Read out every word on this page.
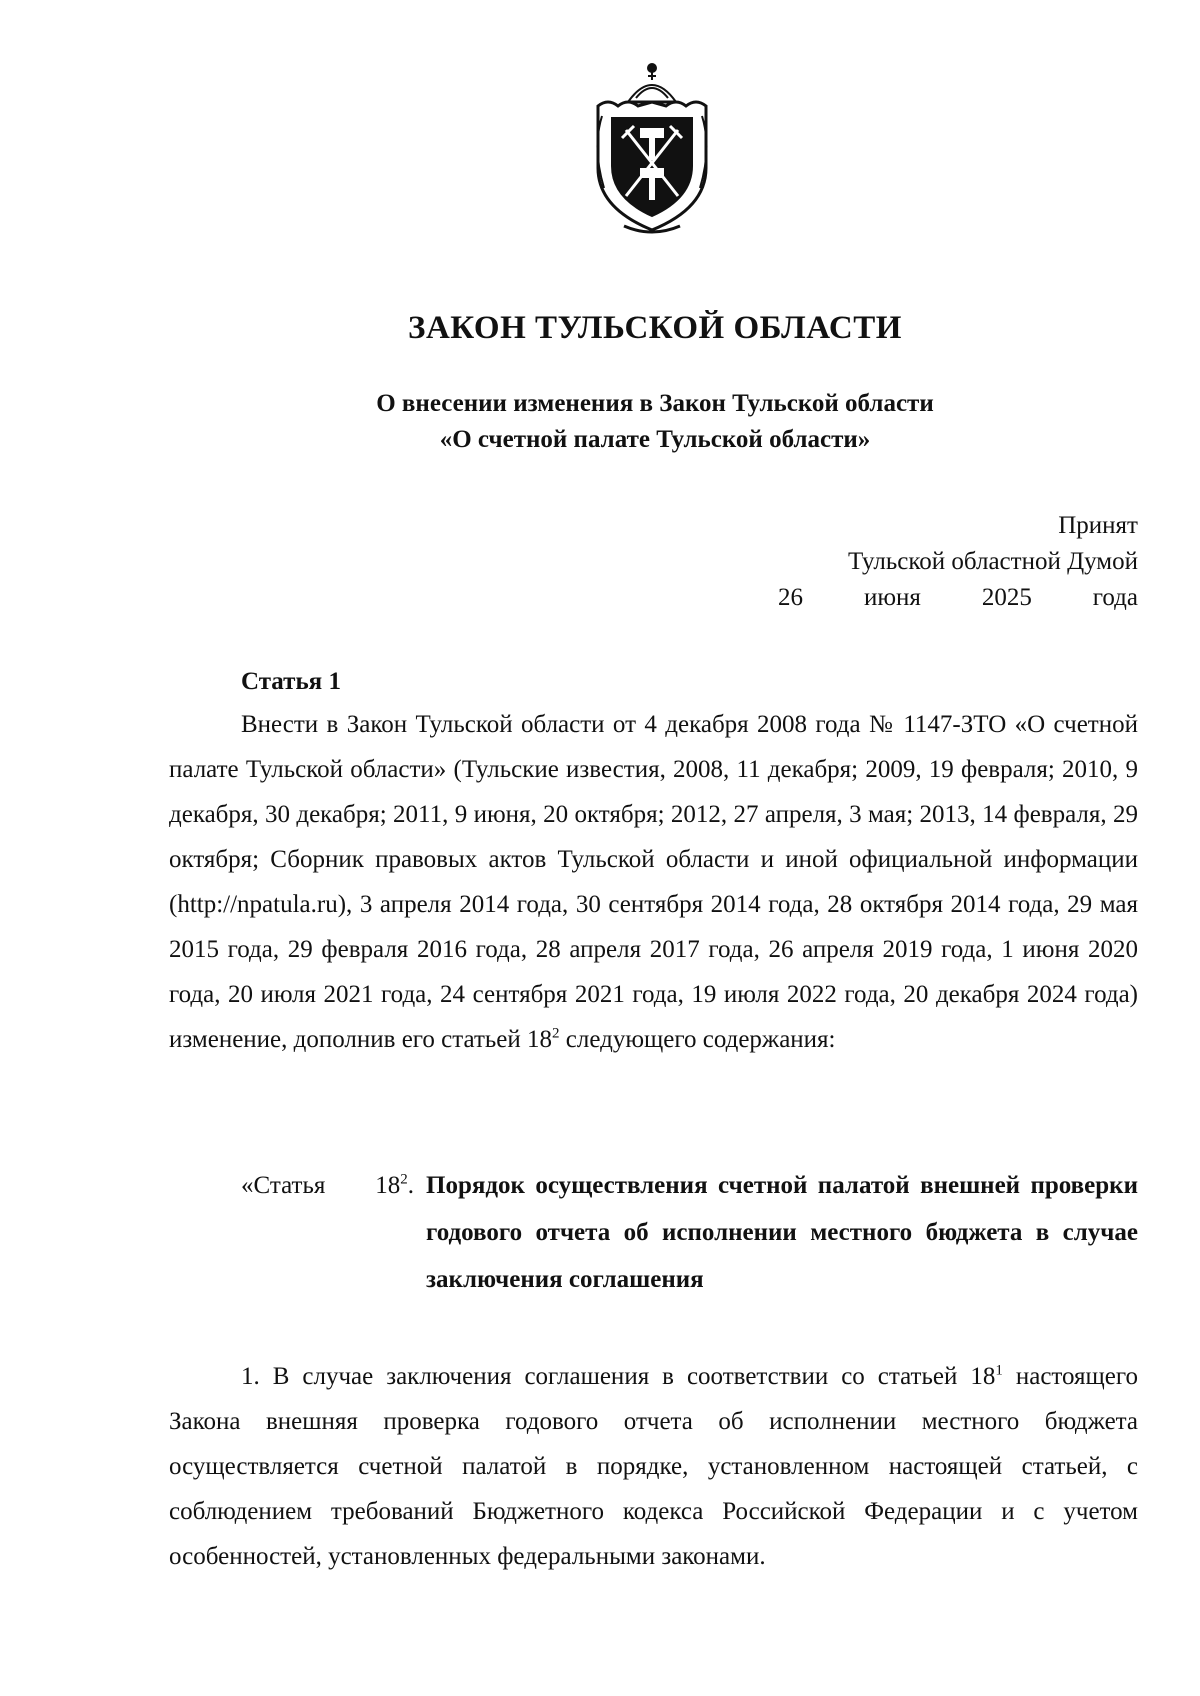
ЗАКОН ТУЛЬСКОЙ ОБЛАСТИ
О внесении изменения в Закон Тульской области
«О счетной палате Тульской области»
Принят
Тульской областной Думой
26 июня 2025 года
Статья 1
Внести в Закон Тульской области от 4 декабря 2008 года № 1147-ЗТО «О счетной палате Тульской области» (Тульские известия, 2008, 11 декабря; 2009, 19 февраля; 2010, 9 декабря, 30 декабря; 2011, 9 июня, 20 октября; 2012, 27 апреля, 3 мая; 2013, 14 февраля, 29 октября; Сборник правовых актов Тульской области и иной официальной информации (http://npatula.ru), 3 апреля 2014 года, 30 сентября 2014 года, 28 октября 2014 года, 29 мая 2015 года, 29 февраля 2016 года, 28 апреля 2017 года, 26 апреля 2019 года, 1 июня 2020 года, 20 июля 2021 года, 24 сентября 2021 года, 19 июля 2022 года, 20 декабря 2024 года) изменение, дополнив его статьей $18^2$ следующего содержания:
«Статья $18^2$. Порядок осуществления счетной палатой внешней проверки годового отчета об исполнении местного бюджета в случае заключения соглашения
1. В случае заключения соглашения в соответствии со статьей $18^1$ настоящего Закона внешняя проверка годового отчета об исполнении местного бюджета осуществляется счетной палатой в порядке, установленном настоящей статьей, с соблюдением требований Бюджетного кодекса Российской Федерации и с учетом особенностей, установленных федеральными законами.
